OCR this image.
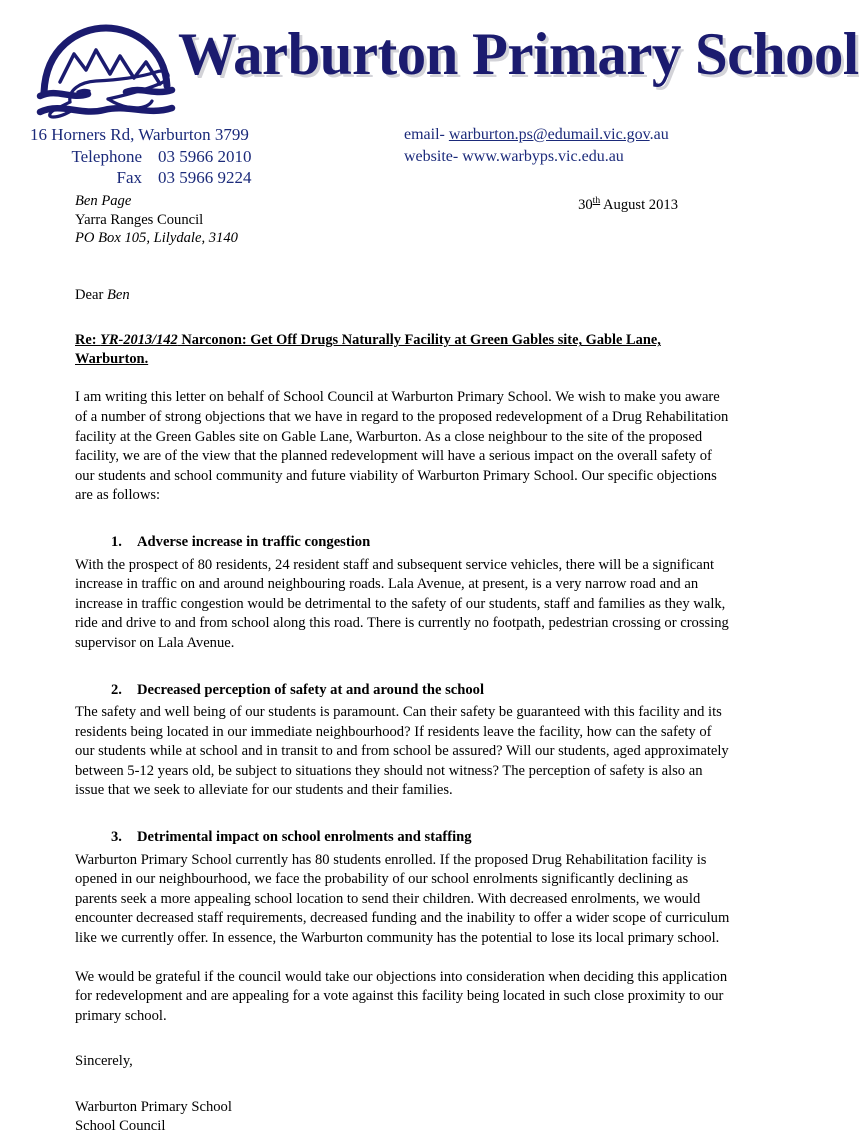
Warburton Primary School
16 Horners Rd, Warburton 3799
Telephone 03 5966 2010
Fax 03 5966 9224
email- warburton.ps@edumail.vic.gov.au
website- www.warbyps.vic.edu.au
Ben Page
Yarra Ranges Council
PO Box 105, Lilydale, 3140
30th August 2013
Dear Ben
Re: YR-2013/142 Narconon: Get Off Drugs Naturally Facility at Green Gables site, Gable Lane, Warburton.

I am writing this letter on behalf of School Council at Warburton Primary School. We wish to make you aware of a number of strong objections that we have in regard to the proposed redevelopment of a Drug Rehabilitation facility at the Green Gables site on Gable Lane, Warburton. As a close neighbour to the site of the proposed facility, we are of the view that the planned redevelopment will have a serious impact on the overall safety of our students and school community and future viability of Warburton Primary School. Our specific objections are as follows:

1. Adverse increase in traffic congestion

With the prospect of 80 residents, 24 resident staff and subsequent service vehicles, there will be a significant increase in traffic on and around neighbouring roads. Lala Avenue, at present, is a very narrow road and an increase in traffic congestion would be detrimental to the safety of our students, staff and families as they walk, ride and drive to and from school along this road. There is currently no footpath, pedestrian crossing or crossing supervisor on Lala Avenue.

2. Decreased perception of safety at and around the school

The safety and well being of our students is paramount. Can their safety be guaranteed with this facility and its residents being located in our immediate neighbourhood? If residents leave the facility, how can the safety of our students while at school and in transit to and from school be assured? Will our students, aged approximately between 5-12 years old, be subject to situations they should not witness? The perception of safety is also an issue that we seek to alleviate for our students and their families.

3. Detrimental impact on school enrolments and staffing

Warburton Primary School currently has 80 students enrolled. If the proposed Drug Rehabilitation facility is opened in our neighbourhood, we face the probability of our school enrolments significantly declining as parents seek a more appealing school location to send their children. With decreased enrolments, we would encounter decreased staff requirements, decreased funding and the inability to offer a wider scope of curriculum like we currently offer. In essence, the Warburton community has the potential to lose its local primary school.

We would be grateful if the council would take our objections into consideration when deciding this application for redevelopment and are appealing for a vote against this facility being located in such close proximity to our primary school.

Sincerely,
Warburton Primary School
School Council
